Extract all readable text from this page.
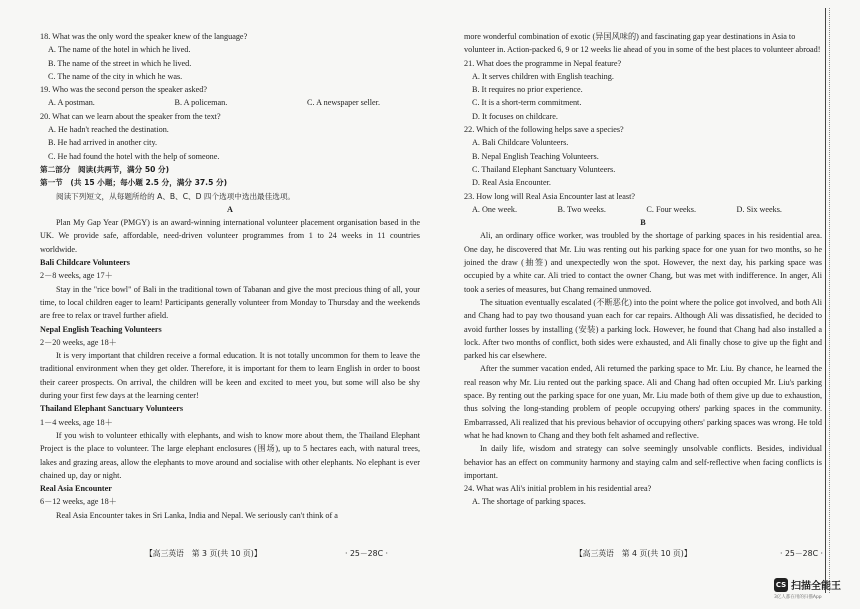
18. What was the only word the speaker knew of the language?

A. The name of the hotel in which he lived.

B. The name of the street in which he lived.

C. The name of the city in which he was.

19. Who was the second person the speaker asked?

A. A postman.	B. A policeman.	C. A newspaper seller.

20. What can we learn about the speaker from the text?

A. He hadn't reached the destination.

B. He had arrived in another city.

C. He had found the hotel with the help of someone.

第二部分　阅读(共两节，满分 50 分)

第一节　(共 15 小题；每小题 2.5 分，满分 37.5 分)

阅读下列短文，从每题所给的 A、B、C、D 四个选项中选出最佳选项。

A

Plan My Gap Year (PMGY) is an award-winning international volunteer placement organisation based in the UK. We provide safe, affordable, need-driven volunteer programmes from 1 to 24 weeks in 11 countries worldwide.

Bali Childcare Volunteers

2－8 weeks, age 17＋

Stay in the "rice bowl" of Bali in the traditional town of Tabanan and give the most precious thing of all, your time, to local children eager to learn! Participants generally volunteer from Monday to Thursday and the weekends are free to relax or travel further afield.

Nepal English Teaching Volunteers

2－20 weeks, age 18＋

It is very important that children receive a formal education. It is not totally uncommon for them to leave the traditional environment when they get older. Therefore, it is important for them to learn English in order to boost their career prospects. On arrival, the children will be keen and excited to meet you, but some will also be shy during your first few days at the learning center!

Thailand Elephant Sanctuary Volunteers

1－4 weeks, age 18＋

If you wish to volunteer ethically with elephants, and wish to know more about them, the Thailand Elephant Project is the place to volunteer. The large elephant enclosures (围场), up to 5 hectares each, with natural trees, lakes and grazing areas, allow the elephants to move around and socialise with other elephants. No elephant is ever chained up, day or night.

Real Asia Encounter

6－12 weeks, age 18＋

Real Asia Encounter takes in Sri Lanka, India and Nepal. We seriously can't think of a

more wonderful combination of exotic (异国风味的) and fascinating gap year destinations in Asia to volunteer in. Action-packed 6, 9 or 12 weeks lie ahead of you in some of the best places to volunteer abroad!

21. What does the programme in Nepal feature?

A. It serves children with English teaching.

B. It requires no prior experience.

C. It is a short-term commitment.

D. It focuses on childcare.

22. Which of the following helps save a species?

A. Bali Childcare Volunteers.

B. Nepal English Teaching Volunteers.

C. Thailand Elephant Sanctuary Volunteers.

D. Real Asia Encounter.

23. How long will Real Asia Encounter last at least?

A. One week.	B. Two weeks.	C. Four weeks.	D. Six weeks.

B

Ali, an ordinary office worker, was troubled by the shortage of parking spaces in his residential area. One day, he discovered that Mr. Liu was renting out his parking space for one yuan for two months, so he joined the draw (抽签) and unexpectedly won the spot. However, the next day, his parking space was occupied by a white car. Ali tried to contact the owner Chang, but was met with indifference. In anger, Ali took a series of measures, but Chang remained unmoved.

The situation eventually escalated (不断恶化) into the point where the police got involved, and both Ali and Chang had to pay two thousand yuan each for car repairs. Although Ali was dissatisfied, he decided to avoid further losses by installing (安装) a parking lock. However, he found that Chang had also installed a lock. After two months of conflict, both sides were exhausted, and Ali finally chose to give up the fight and parked his car elsewhere.

After the summer vacation ended, Ali returned the parking space to Mr. Liu. By chance, he learned the real reason why Mr. Liu rented out the parking space. Ali and Chang had often occupied Mr. Liu's parking space. By renting out the parking space for one yuan, Mr. Liu made both of them give up due to exhaustion, thus solving the long-standing problem of people occupying others' parking spaces in the community. Embarrassed, Ali realized that his previous behavior of occupying others' parking spaces was wrong. He told what he had known to Chang and they both felt ashamed and reflective.

In daily life, wisdom and strategy can solve seemingly unsolvable conflicts. Besides, individual behavior has an effect on community harmony and staying calm and self-reflective when facing conflicts is important.

24. What was Ali's initial problem in his residential area?

A. The shortage of parking spaces.

【高三英语　第 3 页(共 10 页)】	· 25－28C ·	【高三英语　第 4 页(共 10 页)】	· 25－28C ·
CS 扫描全能王
3亿人都在用的扫描App
